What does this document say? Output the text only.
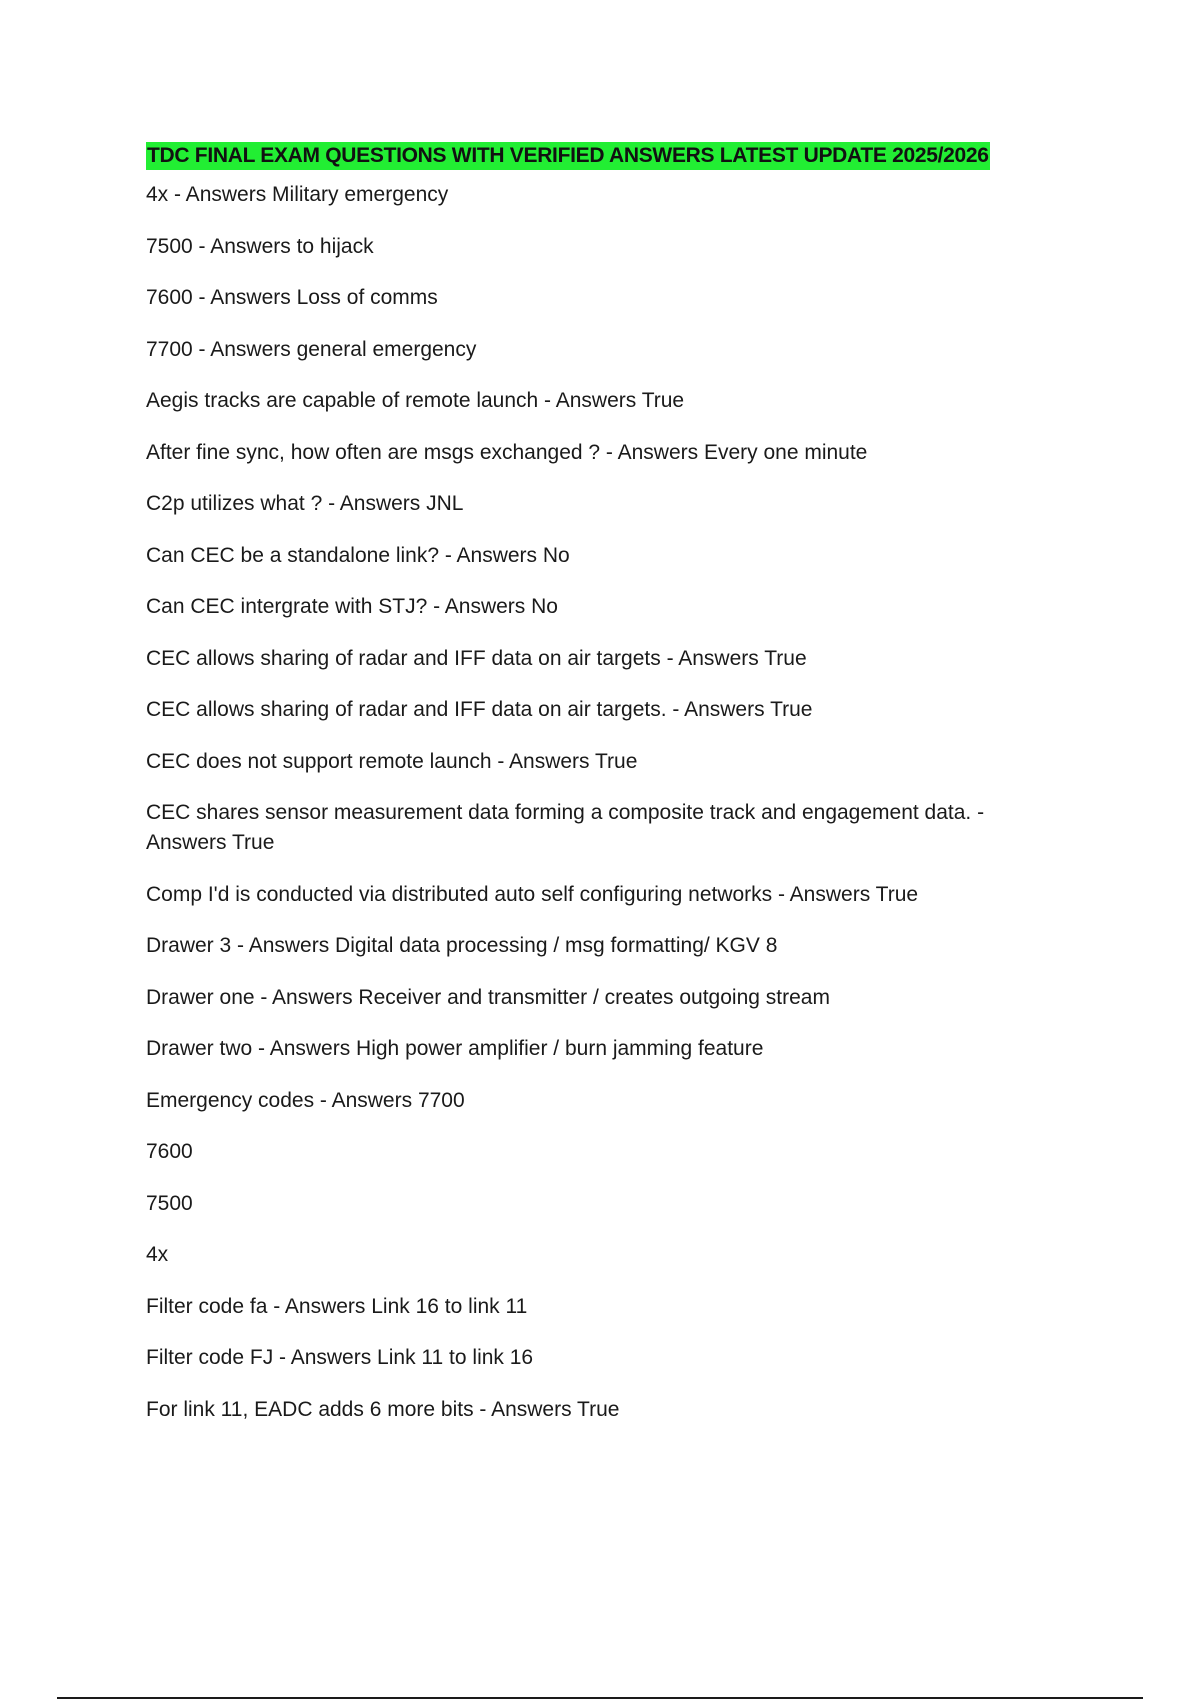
TDC FINAL EXAM QUESTIONS WITH VERIFIED ANSWERS LATEST UPDATE 2025/2026
4x - Answers Military emergency
7500 - Answers to hijack
7600 - Answers Loss of comms
7700 - Answers general emergency
Aegis tracks are capable of remote launch - Answers True
After fine sync, how often are msgs exchanged ? - Answers Every one minute
C2p utilizes what ? - Answers JNL
Can CEC be a standalone link? - Answers No
Can CEC intergrate with STJ? - Answers No
CEC allows sharing of radar and IFF data on air targets - Answers True
CEC allows sharing of radar and IFF data on air targets. - Answers True
CEC does not support remote launch - Answers True
CEC shares sensor measurement data forming a composite track and engagement data. - Answers True
Comp I'd is conducted via distributed auto self configuring networks - Answers True
Drawer 3 - Answers Digital data processing / msg formatting/ KGV 8
Drawer one - Answers Receiver and transmitter / creates outgoing stream
Drawer two - Answers High power amplifier / burn jamming feature
Emergency codes - Answers 7700
7600
7500
4x
Filter code fa - Answers Link 16 to link 11
Filter code FJ - Answers Link 11 to link 16
For link 11, EADC adds 6 more bits - Answers True
